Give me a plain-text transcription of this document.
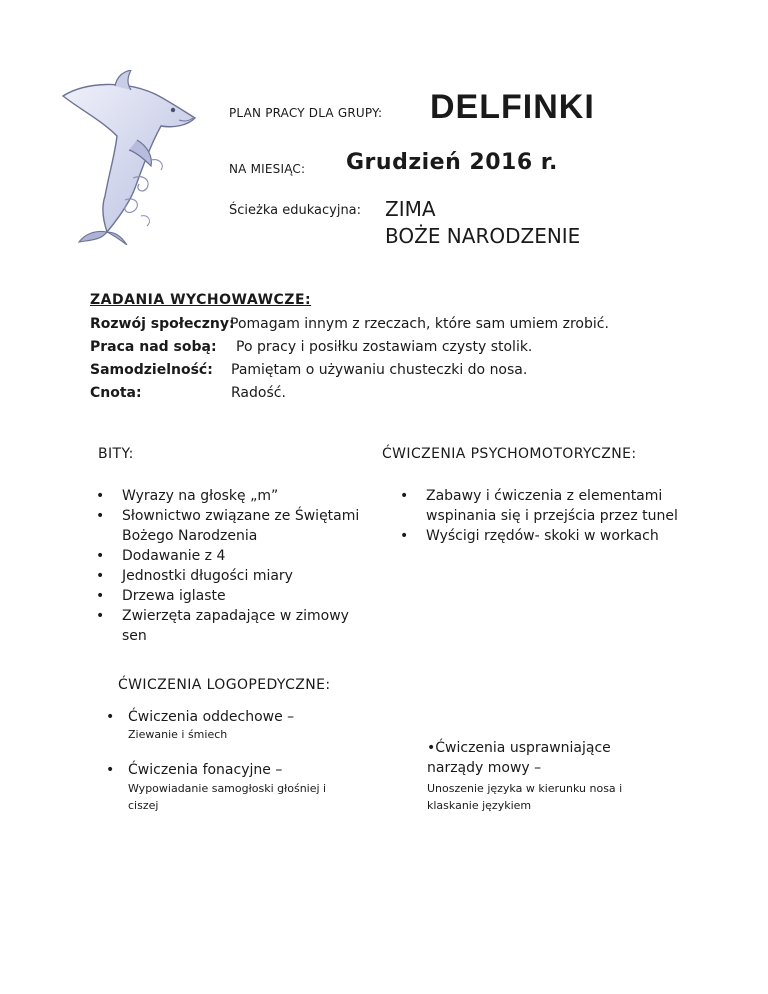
PLAN PRACY DLA GRUPY: DELFINKI
NA MIESIĄC: Grudzień 2016 r.
Ścieżka edukacyjna: ZIMA
BOŻE NARODZENIE
ZADANIA WYCHOWAWCZE:
Rozwój społeczny:
Pomagam innym z rzeczach, które sam umiem zrobić.
Praca nad sobą: Po pracy i posiłku zostawiam czysty stolik.
Samodzielność: Pamiętam o używaniu chusteczki do nosa.
Cnota:	Radość.
BITY:
• Wyrazy na głoskę „m”
• Słownictwo związane ze Świętami Bożego Narodzenia
• Dodawanie z 4
• Jednostki długości miary
• Drzewa iglaste
• Zwierzęta zapadające w zimowy sen
ĆWICZENIA PSYCHOMOTORYCZNE:
• Zabawy i ćwiczenia z elementami wspinania się i przejścia przez tunel
• Wyścigi rzędów- skoki w workach
ĆWICZENIA LOGOPEDYCZNE:
• Ćwiczenia oddechowe –
Ziewanie i śmiech
• Ćwiczenia fonacyjne –
Wypowiadanie samogłoski głośniej i ciszej
•Ćwiczenia usprawniające narządy mowy –
Unoszenie języka w kierunku nosa i klaskanie językiem
